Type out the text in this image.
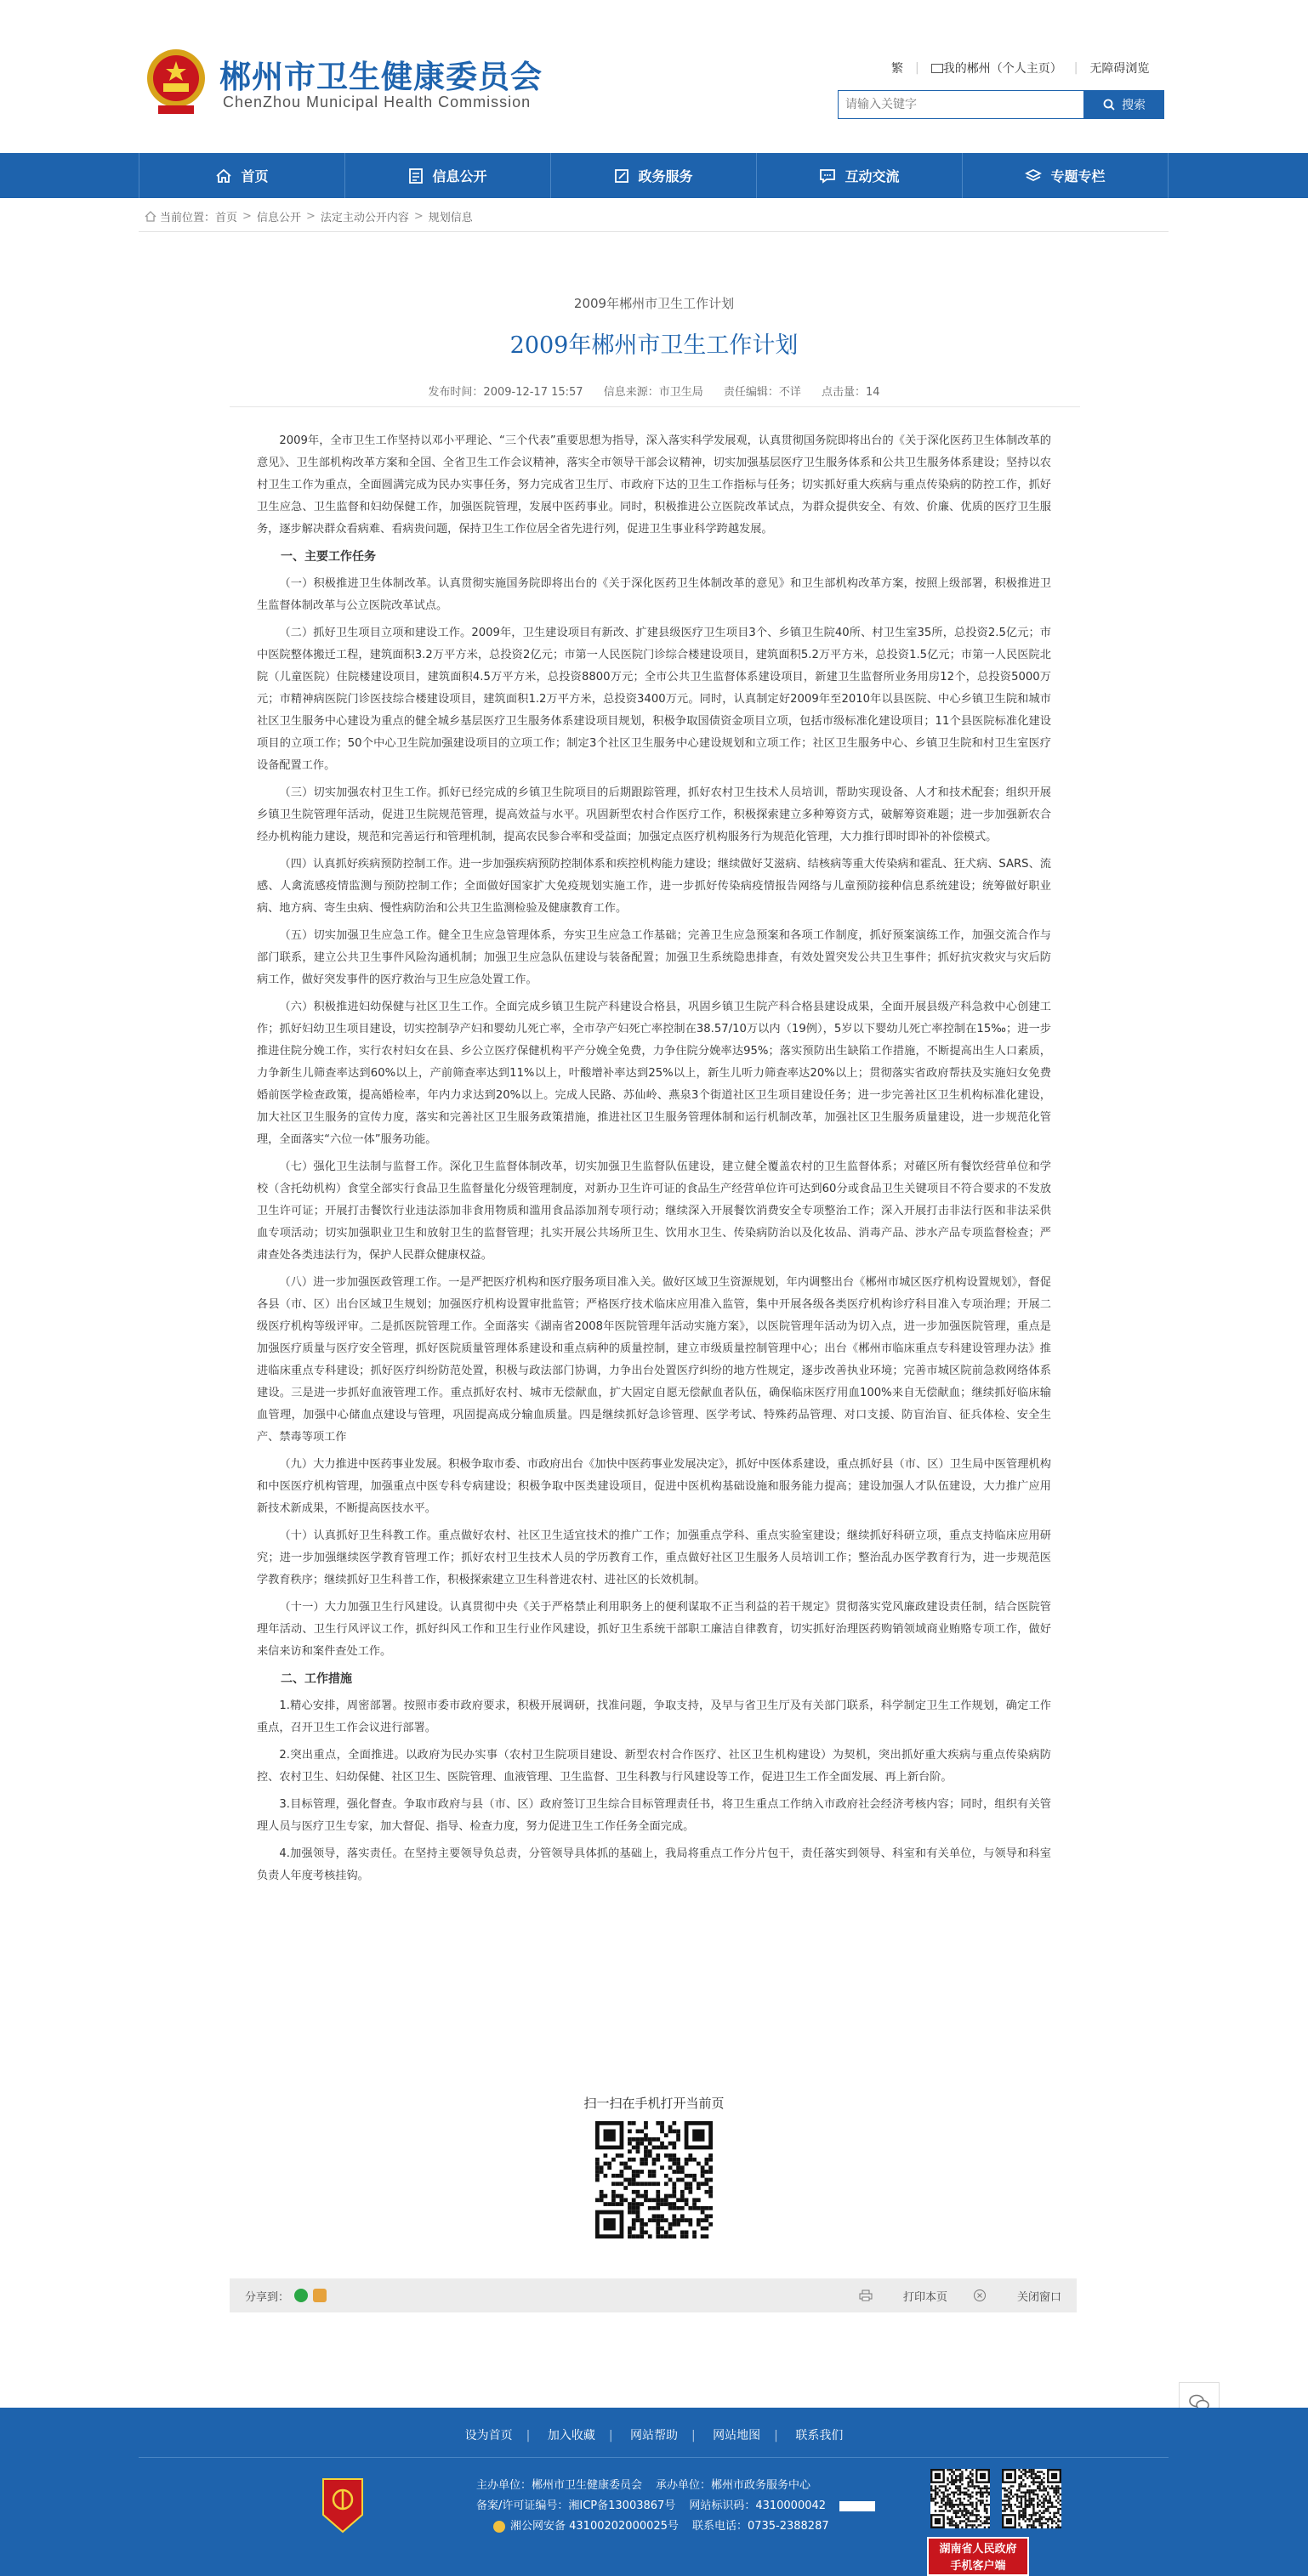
郴州市卫生健康委员会
ChenZhou Municipal Health Commission
繁 | 我的郴州（个人主页） | 无障碍浏览
请输入关键字
搜索
首页	信息公开	政务服务	互动交流	专题专栏
当前位置： 首页 > 信息公开 > 法定主动公开内容 > 规划信息
2009年郴州市卫生工作计划
2009年郴州市卫生工作计划
发布时间：2009-12-17 15:57 信息来源：市卫生局 责任编辑：不详 点击量：14

2009年，全市卫生工作坚持以邓小平理论、“三个代表”重要思想为指导，深入落实科学发展观，认真贯彻国务院即将出台的《关于深化医药卫生体制改革的意见》、卫生部机构改革方案和全国、全省卫生工作会议精神，落实全市领导干部会议精神，切实加强基层医疗卫生服务体系和公共卫生服务体系建设；坚持以农村卫生工作为重点，全面圆满完成为民办实事任务，努力完成省卫生厅、市政府下达的卫生工作指标与任务；切实抓好重大疾病与重点传染病的防控工作，抓好卫生应急、卫生监督和妇幼保健工作，加强医院管理，发展中医药事业。同时，积极推进公立医院改革试点，为群众提供安全、有效、价廉、优质的医疗卫生服务，逐步解决群众看病难、看病贵问题，保持卫生工作位居全省先进行列，促进卫生事业科学跨越发展。

一、主要工作任务

（一）积极推进卫生体制改革。认真贯彻实施国务院即将出台的《关于深化医药卫生体制改革的意见》和卫生部机构改革方案，按照上级部署，积极推进卫生监督体制改革与公立医院改革试点。

（二）抓好卫生项目立项和建设工作。2009年，卫生建设项目有新改、扩建县级医疗卫生项目3个、乡镇卫生院40所、村卫生室35所，总投资2.5亿元；市中医院整体搬迁工程，建筑面积3.2万平方米，总投资2亿元；市第一人民医院门诊综合楼建设项目，建筑面积5.2万平方米，总投资1.5亿元；市第一人民医院北院（儿童医院）住院楼建设项目，建筑面积4.5万平方米，总投资8800万元；全市公共卫生监督体系建设项目，新建卫生监督所业务用房12个，总投资5000万元；市精神病医院门诊医技综合楼建设项目，建筑面积1.2万平方米，总投资3400万元。同时，认真制定好2009年至2010年以县医院、中心乡镇卫生院和城市社区卫生服务中心建设为重点的健全城乡基层医疗卫生服务体系建设项目规划，积极争取国债资金项目立项，包括市级标准化建设项目；11个县医院标准化建设项目的立项工作；50个中心卫生院加强建设项目的立项工作；制定3个社区卫生服务中心建设规划和立项工作；社区卫生服务中心、乡镇卫生院和村卫生室医疗设备配置工作。

（三）切实加强农村卫生工作。抓好已经完成的乡镇卫生院项目的后期跟踪管理，抓好农村卫生技术人员培训，帮助实现设备、人才和技术配套；组织开展乡镇卫生院管理年活动，促进卫生院规范管理，提高效益与水平。巩固新型农村合作医疗工作，积极探索建立多种筹资方式，破解筹资难题；进一步加强新农合经办机构能力建设，规范和完善运行和管理机制，提高农民参合率和受益面；加强定点医疗机构服务行为规范化管理，大力推行即时即补的补偿模式。

（四）认真抓好疾病预防控制工作。进一步加强疾病预防控制体系和疾控机构能力建设；继续做好艾滋病、结核病等重大传染病和霍乱、狂犬病、SARS、流感、人禽流感疫情监测与预防控制工作；全面做好国家扩大免疫规划实施工作，进一步抓好传染病疫情报告网络与儿童预防接种信息系统建设；统筹做好职业病、地方病、寄生虫病、慢性病防治和公共卫生监测检验及健康教育工作。

（五）切实加强卫生应急工作。健全卫生应急管理体系，夯实卫生应急工作基础；完善卫生应急预案和各项工作制度，抓好预案演练工作，加强交流合作与部门联系，建立公共卫生事件风险沟通机制；加强卫生应急队伍建设与装备配置；加强卫生系统隐患排查，有效处置突发公共卫生事件；抓好抗灾救灾与灾后防病工作，做好突发事件的医疗救治与卫生应急处置工作。

（六）积极推进妇幼保健与社区卫生工作。全面完成乡镇卫生院产科建设合格县，巩固乡镇卫生院产科合格县建设成果，全面开展县级产科急救中心创建工作；抓好妇幼卫生项目建设，切实控制孕产妇和婴幼儿死亡率，全市孕产妇死亡率控制在38.57/10万以内（19例），5岁以下婴幼儿死亡率控制在15‰；进一步推进住院分娩工作，实行农村妇女在县、乡公立医疗保健机构平产分娩全免费，力争住院分娩率达95%；落实预防出生缺陷工作措施，不断提高出生人口素质，力争新生儿筛查率达到60%以上，产前筛查率达到11%以上，叶酸增补率达到25%以上，新生儿听力筛查率达20%以上；贯彻落实省政府帮扶及实施妇女免费婚前医学检查政策，提高婚检率，年内力求达到20%以上。完成人民路、苏仙岭、燕泉3个街道社区卫生项目建设任务；进一步完善社区卫生机构标准化建设，加大社区卫生服务的宣传力度，落实和完善社区卫生服务政策措施，推进社区卫生服务管理体制和运行机制改革，加强社区卫生服务质量建设，进一步规范化管理，全面落实“六位一体”服务功能。

（七）强化卫生法制与监督工作。深化卫生监督体制改革，切实加强卫生监督队伍建设，建立健全覆盖农村的卫生监督体系；对確区所有餐饮经营单位和学校（含托幼机构）食堂全部实行食品卫生监督量化分级管理制度，对新办卫生许可证的食品生产经营单位许可达到60分或食品卫生关键项目不符合要求的不发放卫生许可证；开展打击餐饮行业违法添加非食用物质和滥用食品添加剂专项行动；继续深入开展餐饮消费安全专项整治工作；深入开展打击非法行医和非法采供血专项活动；切实加强职业卫生和放射卫生的监督管理；扎实开展公共场所卫生、饮用水卫生、传染病防治以及化妆品、消毒产品、涉水产品专项监督检查；严肃查处各类违法行为，保护人民群众健康权益。

（八）进一步加强医政管理工作。一是严把医疗机构和医疗服务项目准入关。做好区域卫生资源规划，年内调整出台《郴州市城区医疗机构设置规划》，督促各县（市、区）出台区域卫生规划；加强医疗机构设置审批监管；严格医疗技术临床应用准入监管，集中开展各级各类医疗机构诊疗科目准入专项治理；开展二级医疗机构等级评审。二是抓医院管理工作。全面落实《湖南省2008年医院管理年活动实施方案》，以医院管理年活动为切入点，进一步加强医院管理，重点是加强医疗质量与医疗安全管理，抓好医院质量管理体系建设和重点病种的质量控制，建立市级质量控制管理中心；出台《郴州市临床重点专科建设管理办法》推进临床重点专科建设；抓好医疗纠纷防范处置，积极与政法部门协调，力争出台处置医疗纠纷的地方性规定，逐步改善执业环境；完善市城区院前急救网络体系建设。三是进一步抓好血液管理工作。重点抓好农村、城市无偿献血，扩大固定自愿无偿献血者队伍，确保临床医疗用血100%来自无偿献血；继续抓好临床输血管理，加强中心储血点建设与管理，巩固提高成分输血质量。四是继续抓好急诊管理、医学考试、特殊药品管理、对口支援、防盲治盲、征兵体检、安全生产、禁毒等项工作

（九）大力推进中医药事业发展。积极争取市委、市政府出台《加快中医药事业发展决定》，抓好中医体系建设，重点抓好县（市、区）卫生局中医管理机构和中医医疗机构管理，加强重点中医专科专病建设；积极争取中医类建设项目，促进中医机构基础设施和服务能力提高；建设加强人才队伍建设，大力推广应用新技术新成果，不断提高医技水平。

（十）认真抓好卫生科教工作。重点做好农村、社区卫生适宜技术的推广工作；加强重点学科、重点实验室建设；继续抓好科研立项，重点支持临床应用研究；进一步加强继续医学教育管理工作；抓好农村卫生技术人员的学历教育工作，重点做好社区卫生服务人员培训工作；整治乱办医学教育行为，进一步规范医学教育秩序；继续抓好卫生科普工作，积极探索建立卫生科普进农村、进社区的长效机制。

（十一）大力加强卫生行风建设。认真贯彻中央《关于严格禁止利用职务上的便利谋取不正当利益的若干规定》贯彻落实党风廉政建设责任制，结合医院管理年活动、卫生行风评议工作，抓好纠风工作和卫生行业作风建设，抓好卫生系统干部职工廉洁自律教育，切实抓好治理医药购销领域商业贿赂专项工作，做好来信来访和案件查处工作。

二、工作措施

1.精心安排，周密部署。按照市委市政府要求，积极开展调研，找准问题，争取支持，及早与省卫生厅及有关部门联系，科学制定卫生工作规划，确定工作重点，召开卫生工作会议进行部署。

2.突出重点，全面推进。以政府为民办实事（农村卫生院项目建设、新型农村合作医疗、社区卫生机构建设）为契机，突出抓好重大疾病与重点传染病防控、农村卫生、妇幼保健、社区卫生、医院管理、血液管理、卫生监督、卫生科教与行风建设等工作，促进卫生工作全面发展、再上新台阶。

3.目标管理，强化督查。争取市政府与县（市、区）政府签订卫生综合目标管理责任书，将卫生重点工作纳入市政府社会经济考核内容；同时，组织有关管理人员与医疗卫生专家，加大督促、指导、检查力度，努力促进卫生工作任务全面完成。

4.加强领导，落实责任。在坚持主要领导负总责，分管领导具体抓的基础上，我局将重点工作分片包干，责任落实到领导、科室和有关单位，与领导和科室负责人年度考核挂钩。

扫一扫在手机打开当前页
分享到：	打印本页	关闭窗口
设为首页 | 加入收藏 | 网站帮助 | 网站地图 | 联系我们
主办单位：郴州市卫生健康委员会 承办单位：郴州市政务服务中心
备案/许可证编号：湘ICP备13003867号 网站标识码：4310000042
湘公网安备 43100202000025号 联系电话：0735-2388287
湖南省人民政府
手机客户端
